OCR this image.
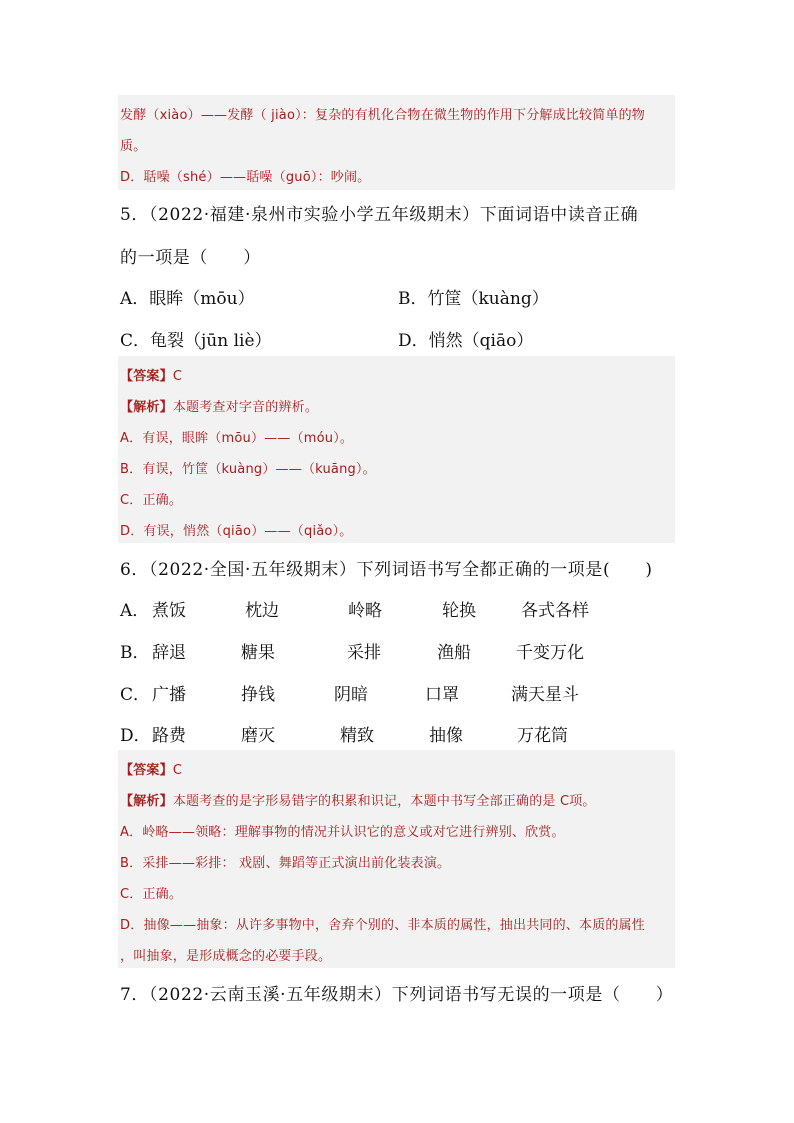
发酵（xiào）——发酵（ jiào）：复杂的有机化合物在微生物的作用下分解成比较简单的物
质。
D．聒噪（shé）——聒噪（guō）：吵闹。
5．（2022·福建·泉州市实验小学五年级期末）下面词语中读音正确
的一项是（　　）
A．眼眸（mōu）	B．竹筐（kuàng）
C．龟裂（jūn liè）	D．悄然（qiāo）
【答案】C
【解析】本题考查对字音的辨析。
A．有误，眼眸（mōu）——（móu）。
B．有误，竹筐（kuàng）——（kuāng）。
C．正确。
D．有误，悄然（qiāo）——（qiǎo）。
6．（2022·全国·五年级期末）下列词语书写全都正确的一项是(　　)
A． 煮饭	枕边	岭略	轮换	各式各样
B． 辞退	糖果	采排	渔船	千变万化
C． 广播	挣钱	阴暗	口罩	满天星斗
D． 路费	磨灭	精致	抽像	万花筒
【答案】C
【解析】本题考查的是字形易错字的积累和识记，本题中书写全部正确的是 C项。
A．岭略——领略：理解事物的情况并认识它的意义或对它进行辨别、欣赏。
B．采排——彩排： 戏剧、舞蹈等正式演出前化装表演。
C．正确。
D．抽像——抽象：从许多事物中，舍弃个别的、非本质的属性，抽出共同的、本质的属性
，叫抽象，是形成概念的必要手段。
7．（2022·云南玉溪·五年级期末）下列词语书写无误的一项是（　　）
